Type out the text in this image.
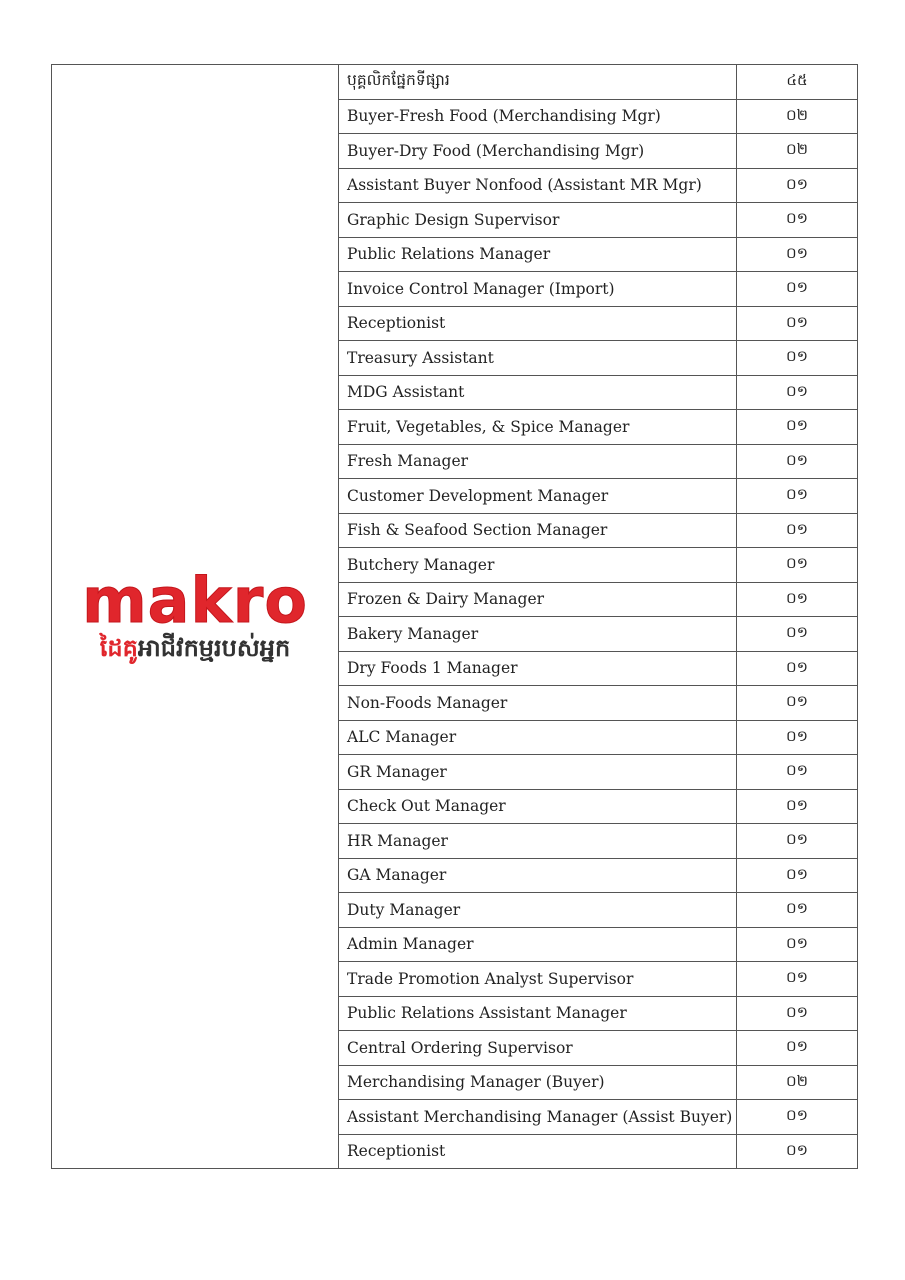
makro
ដៃគូអាជីវកម្មរបស់អ្នក	បុគ្គលិកផ្នែកទីផ្សារ	៤៥
	Buyer-Fresh Food (Merchandising Mgr)	០២
	Buyer-Dry Food (Merchandising Mgr)	០២
	Assistant Buyer Nonfood (Assistant MR Mgr)	០១
	Graphic Design Supervisor	០១
	Public Relations Manager	០១
	Invoice Control Manager (Import)	០១
	Receptionist	០១
	Treasury Assistant	០១
	MDG Assistant	០១
	Fruit, Vegetables, & Spice Manager	០១
	Fresh Manager	០១
	Customer Development Manager	០១
	Fish & Seafood Section Manager	០១
	Butchery Manager	០១
	Frozen & Dairy Manager	០១
	Bakery Manager	០១
	Dry Foods 1 Manager	០១
	Non-Foods Manager	០១
	ALC Manager	០១
	GR Manager	០១
	Check Out Manager	០១
	HR Manager	០១
	GA Manager	០១
	Duty Manager	០១
	Admin Manager	០១
	Trade Promotion Analyst Supervisor	០១
	Public Relations Assistant Manager	០១
	Central Ordering Supervisor	០១
	Merchandising Manager (Buyer)	០២
	Assistant Merchandising Manager (Assist Buyer)	០១
	Receptionist	០១
